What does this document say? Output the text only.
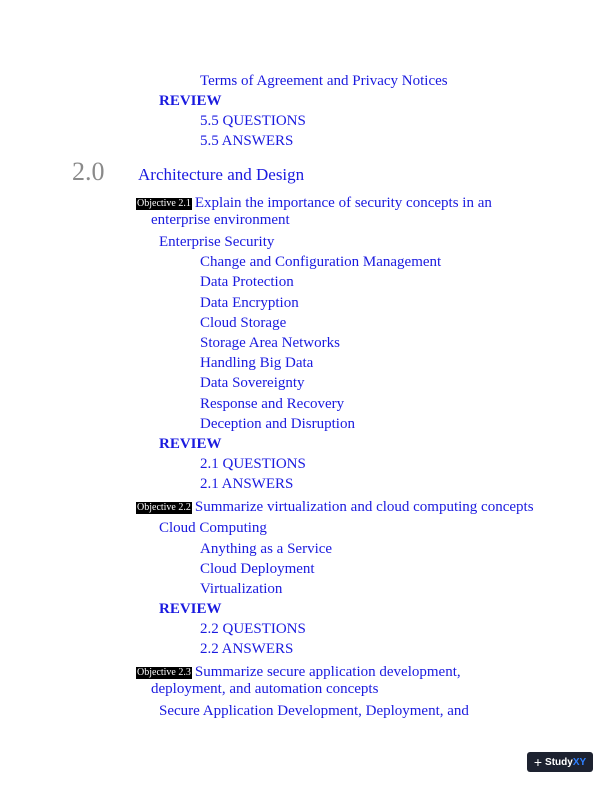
Terms of Agreement and Privacy Notices
REVIEW
5.5 QUESTIONS
5.5 ANSWERS
2.0 Architecture and Design
Objective 2.1 Explain the importance of security concepts in an
enterprise environment
Enterprise Security
Change and Configuration Management
Data Protection
Data Encryption
Cloud Storage
Storage Area Networks
Handling Big Data
Data Sovereignty
Response and Recovery
Deception and Disruption
REVIEW
2.1 QUESTIONS
2.1 ANSWERS
Objective 2.2 Summarize virtualization and cloud computing concepts
Cloud Computing
Anything as a Service
Cloud Deployment
Virtualization
REVIEW
2.2 QUESTIONS
2.2 ANSWERS
Objective 2.3 Summarize secure application development,
deployment, and automation concepts
Secure Application Development, Deployment, and
+ Study XY
